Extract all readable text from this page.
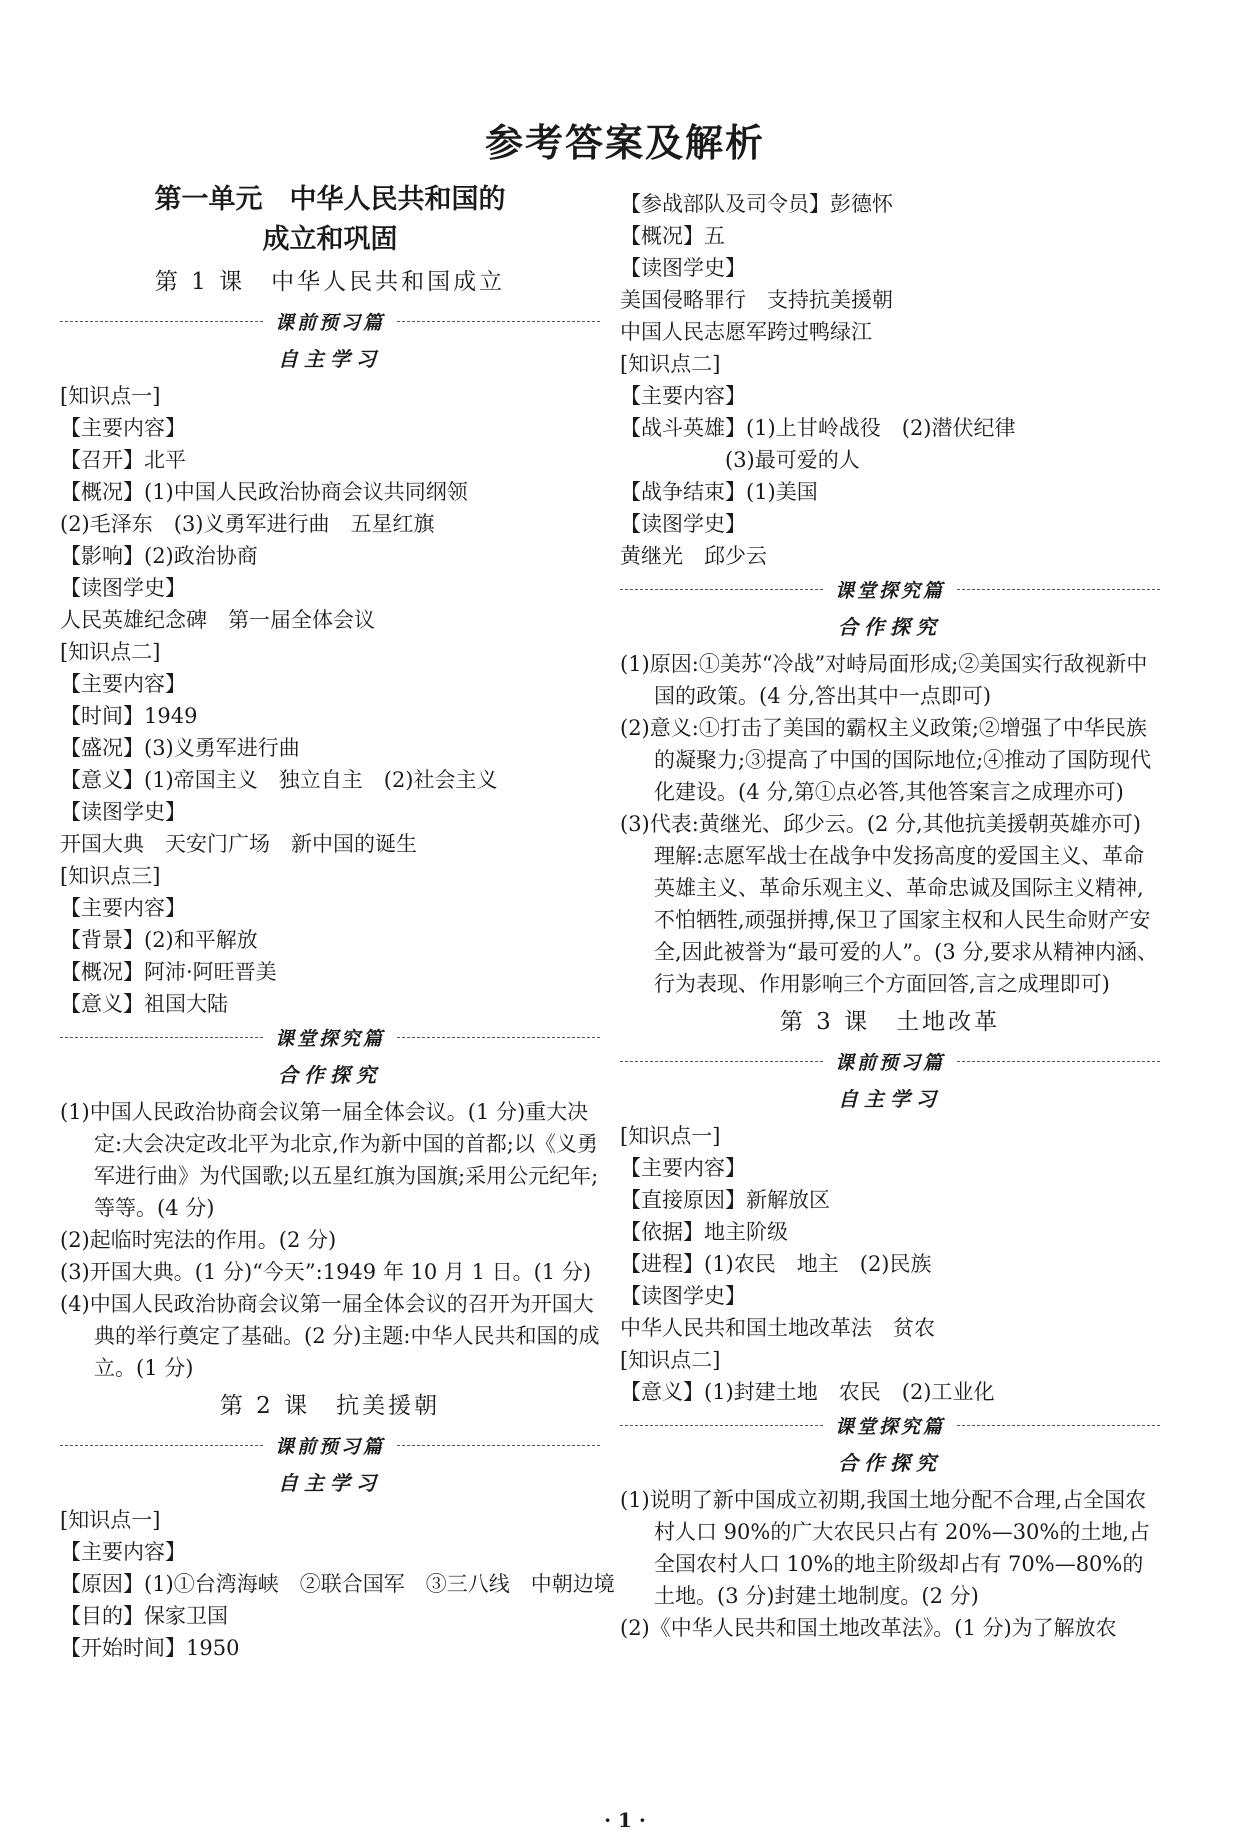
参考答案及解析
第一单元　中华人民共和国的
成立和巩固
第 1 课　中华人民共和国成立
课前预习篇
自主学习
[知识点一]
【主要内容】
【召开】北平
【概况】(1)中国人民政治协商会议共同纲领
(2)毛泽东　(3)义勇军进行曲　五星红旗
【影响】(2)政治协商
【读图学史】
人民英雄纪念碑　第一届全体会议
[知识点二]
【主要内容】
【时间】1949
【盛况】(3)义勇军进行曲
【意义】(1)帝国主义　独立自主　(2)社会主义
【读图学史】
开国大典　天安门广场　新中国的诞生
[知识点三]
【主要内容】
【背景】(2)和平解放
【概况】阿沛·阿旺晋美
【意义】祖国大陆
课堂探究篇
合作探究
(1)中国人民政治协商会议第一届全体会议。(1 分)重大决定:大会决定改北平为北京,作为新中国的首都;以《义勇军进行曲》为代国歌;以五星红旗为国旗;采用公元纪年;等等。(4 分)
(2)起临时宪法的作用。(2 分)
(3)开国大典。(1 分)“今天”:1949 年 10 月 1 日。(1 分)
(4)中国人民政治协商会议第一届全体会议的召开为开国大典的举行奠定了基础。(2 分)主题:中华人民共和国的成立。(1 分)
第 2 课　抗美援朝
课前预习篇
自主学习
[知识点一]
【主要内容】
【原因】(1)①台湾海峡　②联合国军　③三八线　中朝边境
【目的】保家卫国
【开始时间】1950
【参战部队及司令员】彭德怀
【概况】五
【读图学史】
美国侵略罪行　支持抗美援朝
中国人民志愿军跨过鸭绿江
[知识点二]
【主要内容】
【战斗英雄】(1)上甘岭战役　(2)潜伏纪律
　　　　　(3)最可爱的人
【战争结束】(1)美国
【读图学史】
黄继光　邱少云
课堂探究篇
合作探究
(1)原因:①美苏“冷战”对峙局面形成;②美国实行敌视新中国的政策。(4 分,答出其中一点即可)
(2)意义:①打击了美国的霸权主义政策;②增强了中华民族的凝聚力;③提高了中国的国际地位;④推动了国防现代化建设。(4 分,第①点必答,其他答案言之成理亦可)
(3)代表:黄继光、邱少云。(2 分,其他抗美援朝英雄亦可)理解:志愿军战士在战争中发扬高度的爱国主义、革命英雄主义、革命乐观主义、革命忠诚及国际主义精神,不怕牺牲,顽强拼搏,保卫了国家主权和人民生命财产安全,因此被誉为“最可爱的人”。(3 分,要求从精神内涵、行为表现、作用影响三个方面回答,言之成理即可)
第 3 课　土地改革
课前预习篇
自主学习
[知识点一]
【主要内容】
【直接原因】新解放区
【依据】地主阶级
【进程】(1)农民　地主　(2)民族
【读图学史】
中华人民共和国土地改革法　贫农
[知识点二]
【意义】(1)封建土地　农民　(2)工业化
课堂探究篇
合作探究
(1)说明了新中国成立初期,我国土地分配不合理,占全国农村人口 90%的广大农民只占有 20%—30%的土地,占全国农村人口 10%的地主阶级却占有 70%—80%的土地。(3 分)封建土地制度。(2 分)
(2)《中华人民共和国土地改革法》。(1 分)为了解放农
· 1 ·
